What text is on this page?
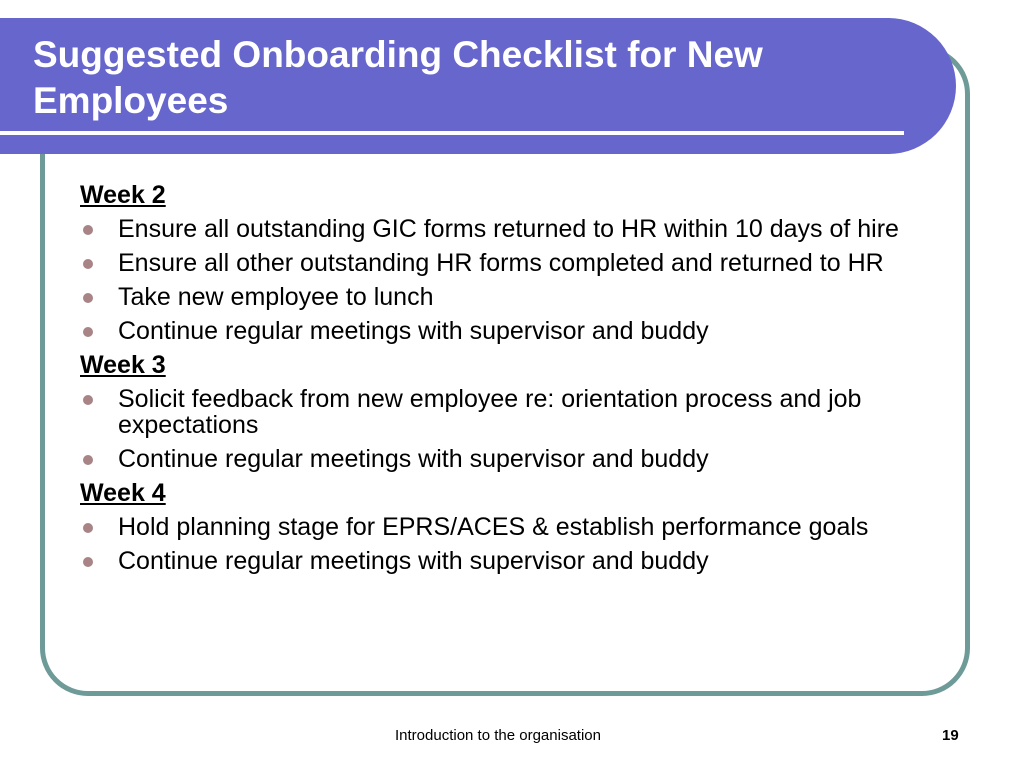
Suggested Onboarding Checklist for New Employees
Week 2
Ensure all outstanding GIC forms returned to HR within 10 days of hire
Ensure all other outstanding HR forms completed and returned to HR
Take new employee to lunch
Continue regular meetings with supervisor and buddy
Week 3
Solicit feedback from new employee re: orientation process and job expectations
Continue regular meetings with supervisor and buddy
Week 4
Hold planning stage for EPRS/ACES & establish performance goals
Continue regular meetings with supervisor and buddy
Introduction to the organisation	19
